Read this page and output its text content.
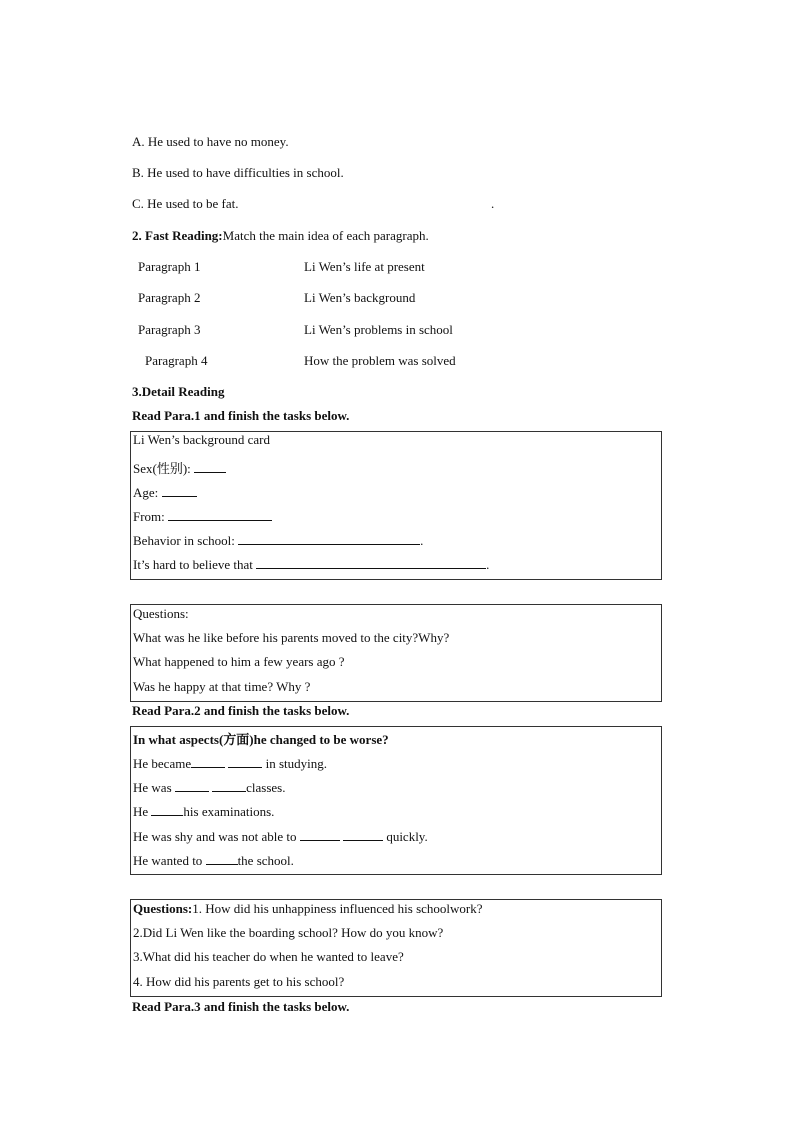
A. He used to have no money.
B. He used to have difficulties in school.
C. He used to be fat.	.
2. Fast Reading:Match the main idea of each paragraph.
Paragraph 1	Li Wen’s life at present
Paragraph 2	Li Wen’s background
Paragraph 3	Li Wen’s problems in school
Paragraph 4	How the problem was solved
3.Detail Reading
Read Para.1 and finish the tasks below.
Li Wen’s background card
Sex(性别):
Age:
From:
Behavior in school:	.
It’s hard to believe that	.
Questions:
What was he like before his parents moved to the city?Why?
What happened to him a few years ago ?
Was he happy at that time? Why ?
Read Para.2 and finish the tasks below.
In what aspects(方面)he changed to be worse?
He became	in studying.
He was	classes.
He his examinations.
He was shy and was not able to	quickly.
He wanted to the school.
Questions:1. How did his unhappiness influenced his schoolwork?
2.Did Li Wen like the boarding school? How do you know?
3.What did his teacher do when he wanted to leave?
4. How did his parents get to his school?
Read Para.3 and finish the tasks below.
